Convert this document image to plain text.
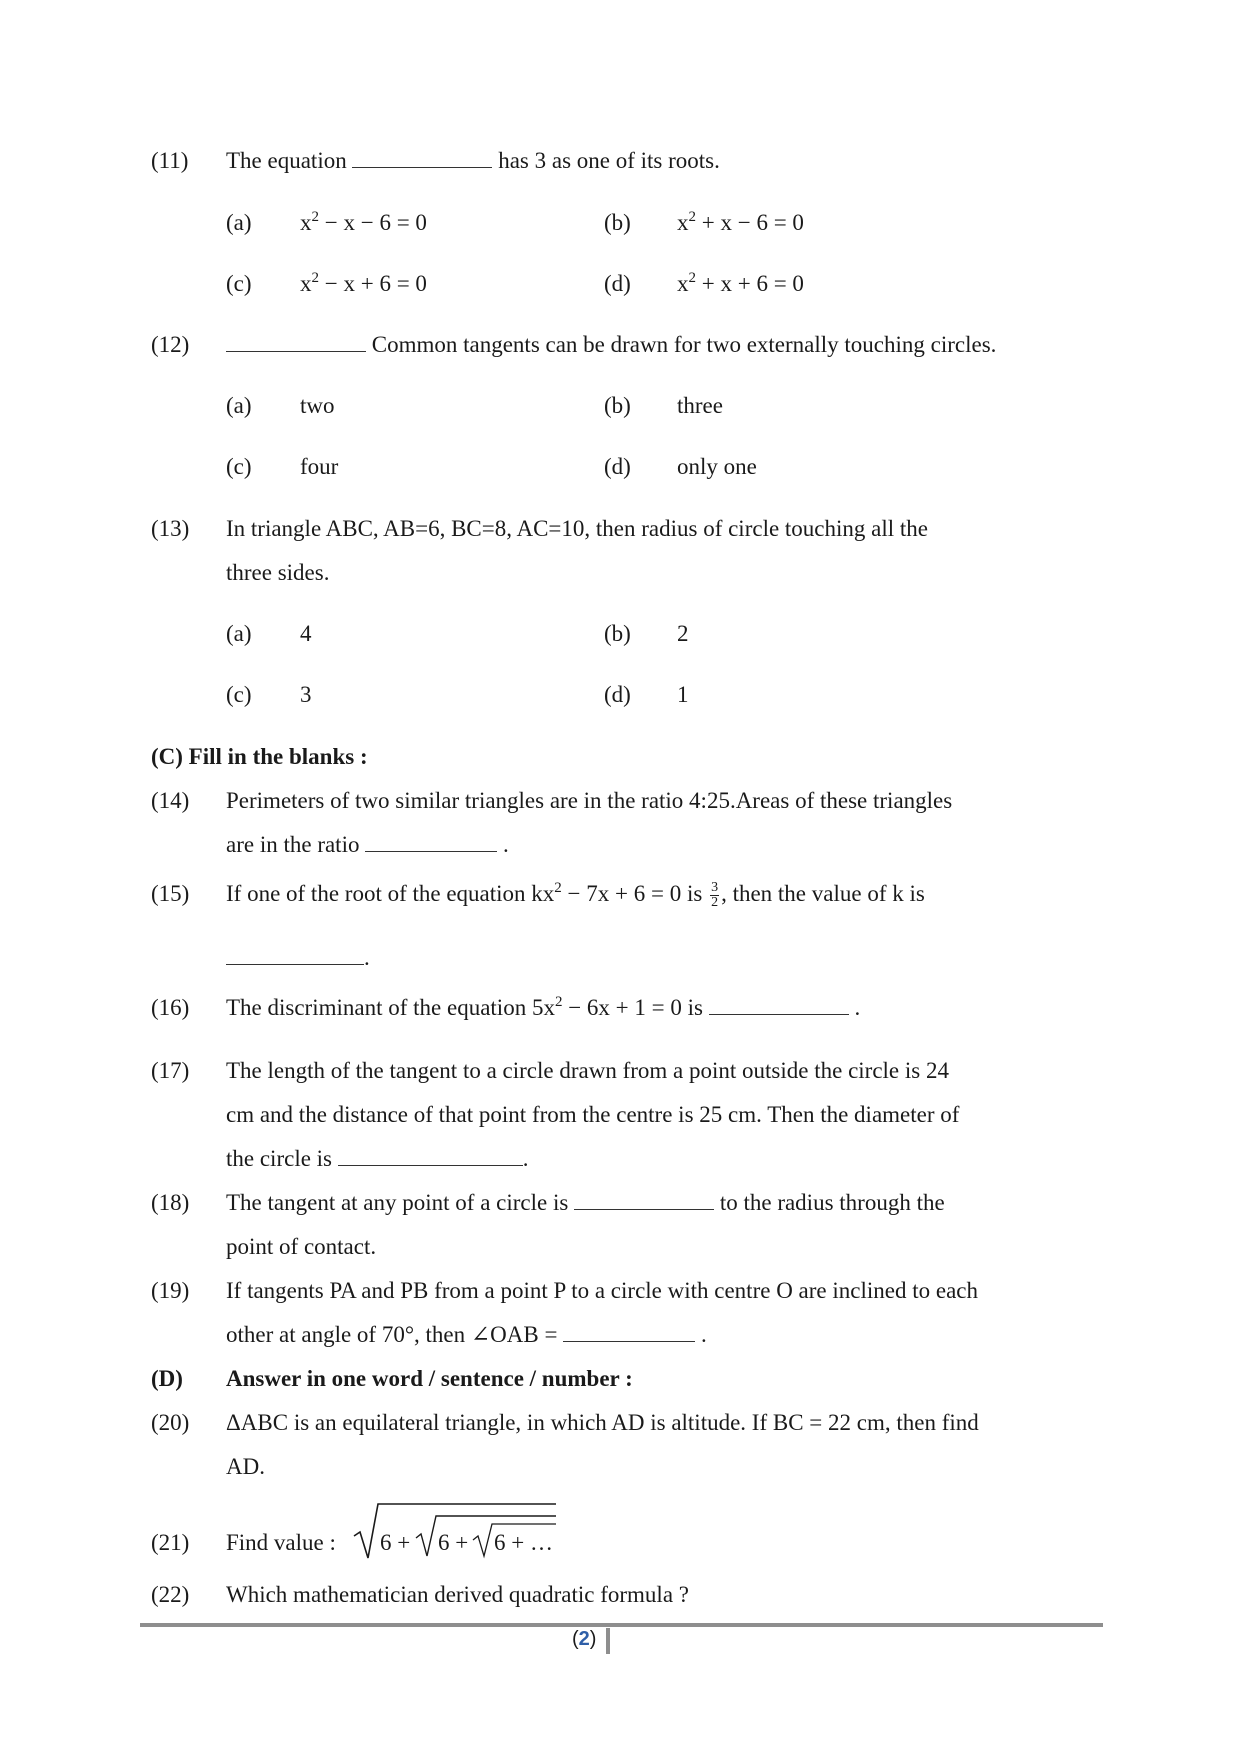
(11) The equation	has 3 as one of its roots.
(a) $x^2 - x - 6 = 0$	(b) $x^2 + x - 6 = 0$
(c) $x^2 - x + 6 = 0$	(d) $x^2 + x + 6 = 0$
(12)	Common tangents can be drawn for two externally touching circles.
(a) two	(b) three
(c) four	(d) only one
(13) In triangle ABC, AB=6, BC=8, AC=10, then radius of circle touching all the
three sides.
(a) 4	(b) 2
(c) 3	(d) 1
(C) Fill in the blanks :
(14) Perimeters of two similar triangles are in the ratio 4:25.Areas of these triangles
are in the ratio	.
(15) If one of the root of the equation $kx^2 - 7x + 6 = 0$ is $\frac{3}{2}$ , then the value of k is
.
(16) The discriminant of the equation $5x^2 - 6x + 1 = 0$ is	.
(17) The length of the tangent to a circle drawn from a point outside the circle is 24
cm and the distance of that point from the centre is 25 cm. Then the diameter of
the circle is	.
(18) The tangent at any point of a circle is	to the radius through the
point of contact.
(19) If tangents PA and PB from a point P to a circle with centre O are inclined to each
other at angle of 70°, then ∠OAB =	.
(D) Answer in one word / sentence / number :
(20) ΔABC is an equilateral triangle, in which AD is altitude. If BC = 22 cm, then find
AD.
(21) Find value : 6 + 6 + 6 + …
(22) Which mathematician derived quadratic formula ?
(2)
